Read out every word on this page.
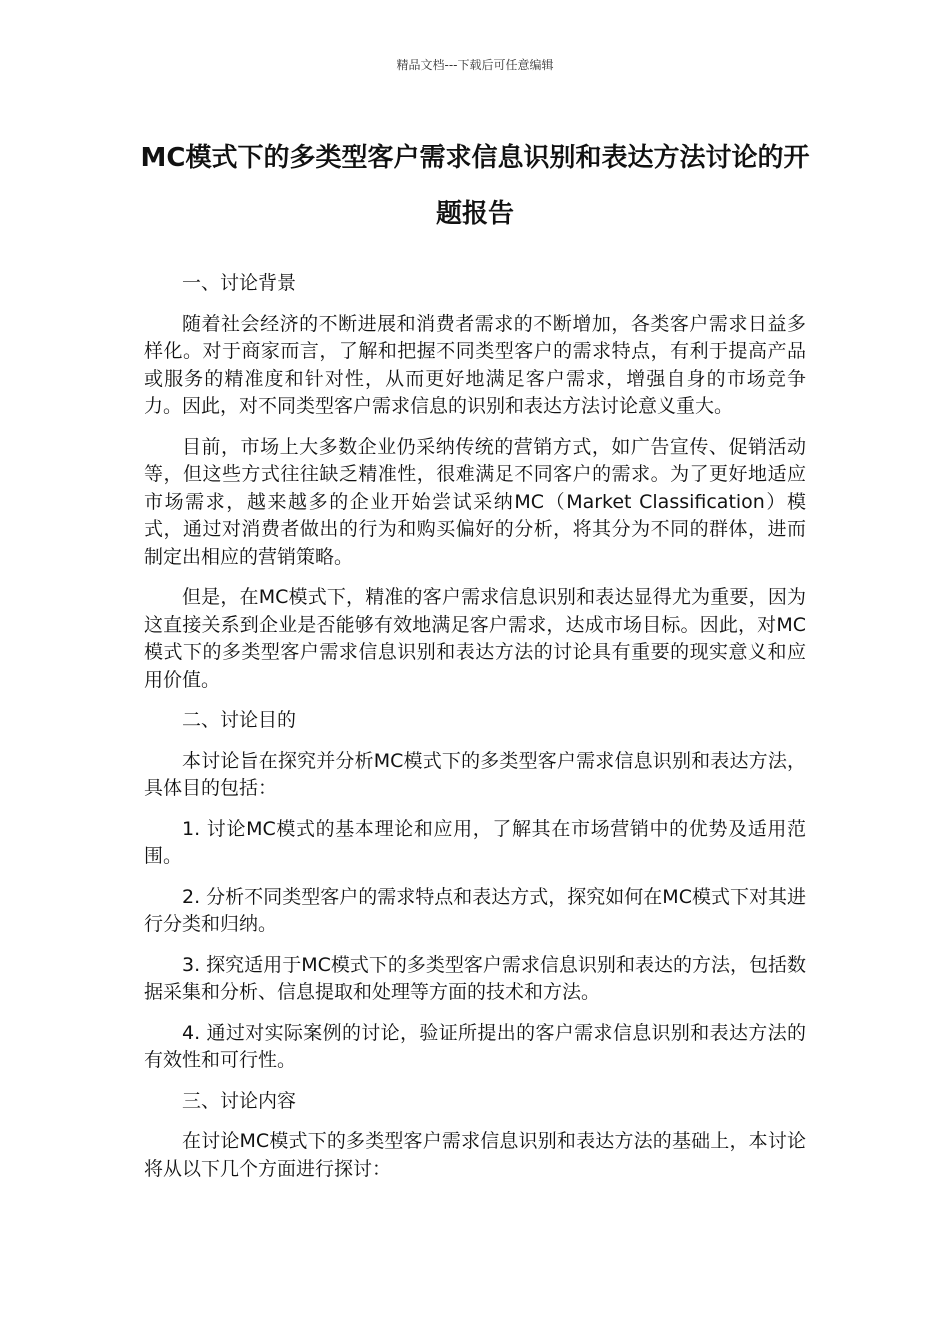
精品文档---下载后可任意编辑
MC模式下的多类型客户需求信息识别和表达方法讨论的开题报告

一、讨论背景

随着社会经济的不断进展和消费者需求的不断增加，各类客户需求日益多样化。对于商家而言，了解和把握不同类型客户的需求特点，有利于提高产品或服务的精准度和针对性，从而更好地满足客户需求，增强自身的市场竞争力。因此，对不同类型客户需求信息的识别和表达方法讨论意义重大。

目前，市场上大多数企业仍采纳传统的营销方式，如广告宣传、促销活动等，但这些方式往往缺乏精准性，很难满足不同客户的需求。为了更好地适应市场需求，越来越多的企业开始尝试采纳MC（Market Classification）模式，通过对消费者做出的行为和购买偏好的分析，将其分为不同的群体，进而制定出相应的营销策略。

但是，在MC模式下，精准的客户需求信息识别和表达显得尤为重要，因为这直接关系到企业是否能够有效地满足客户需求，达成市场目标。因此，对MC模式下的多类型客户需求信息识别和表达方法的讨论具有重要的现实意义和应用价值。

二、讨论目的

本讨论旨在探究并分析MC模式下的多类型客户需求信息识别和表达方法，具体目的包括：

1. 讨论MC模式的基本理论和应用，了解其在市场营销中的优势及适用范围。

2. 分析不同类型客户的需求特点和表达方式，探究如何在MC模式下对其进行分类和归纳。

3. 探究适用于MC模式下的多类型客户需求信息识别和表达的方法，包括数据采集和分析、信息提取和处理等方面的技术和方法。

4. 通过对实际案例的讨论，验证所提出的客户需求信息识别和表达方法的有效性和可行性。

三、讨论内容

在讨论MC模式下的多类型客户需求信息识别和表达方法的基础上，本讨论将从以下几个方面进行探讨：
